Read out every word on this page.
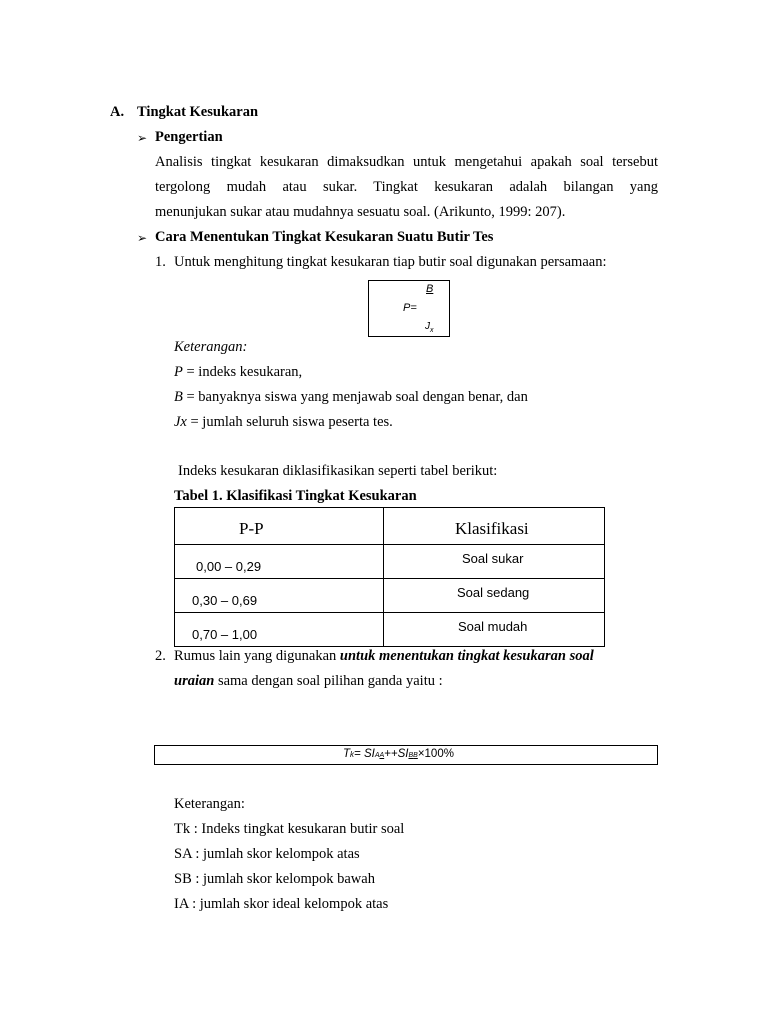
A. Tingkat Kesukaran
➢ Pengertian
Analisis tingkat kesukaran dimaksudkan untuk mengetahui apakah soal tersebut
tergolong mudah atau sukar. Tingkat kesukaran adalah bilangan yang
menunjukan sukar atau mudahnya sesuatu soal. (Arikunto, 1999: 207).
➢ Cara Menentukan Tingkat Kesukaran Suatu Butir Tes
1. Untuk menghitung tingkat kesukaran tiap butir soal digunakan persamaan:
P=
B
$J_x$
Keterangan:
P = indeks kesukaran,
B = banyaknya siswa yang menjawab soal dengan benar, dan
Jx = jumlah seluruh siswa peserta tes.
Indeks kesukaran diklasifikasikan seperti tabel berikut:
Tabel 1. Klasifikasi Tingkat Kesukaran
P-P	Klasifikasi

0,00 – 0,29	Soal sukar

0,30 – 0,69	Soal sedang

0,70 – 1,00	Soal mudah
2. Rumus lain yang digunakan untuk menentukan tingkat kesukaran soal
uraian sama dengan soal pilihan ganda yaitu :
Tk= SIAA++SIBB×100%
Keterangan:
Tk : Indeks tingkat kesukaran butir soal
SA : jumlah skor kelompok atas
SB : jumlah skor kelompok bawah
IA : jumlah skor ideal kelompok atas
